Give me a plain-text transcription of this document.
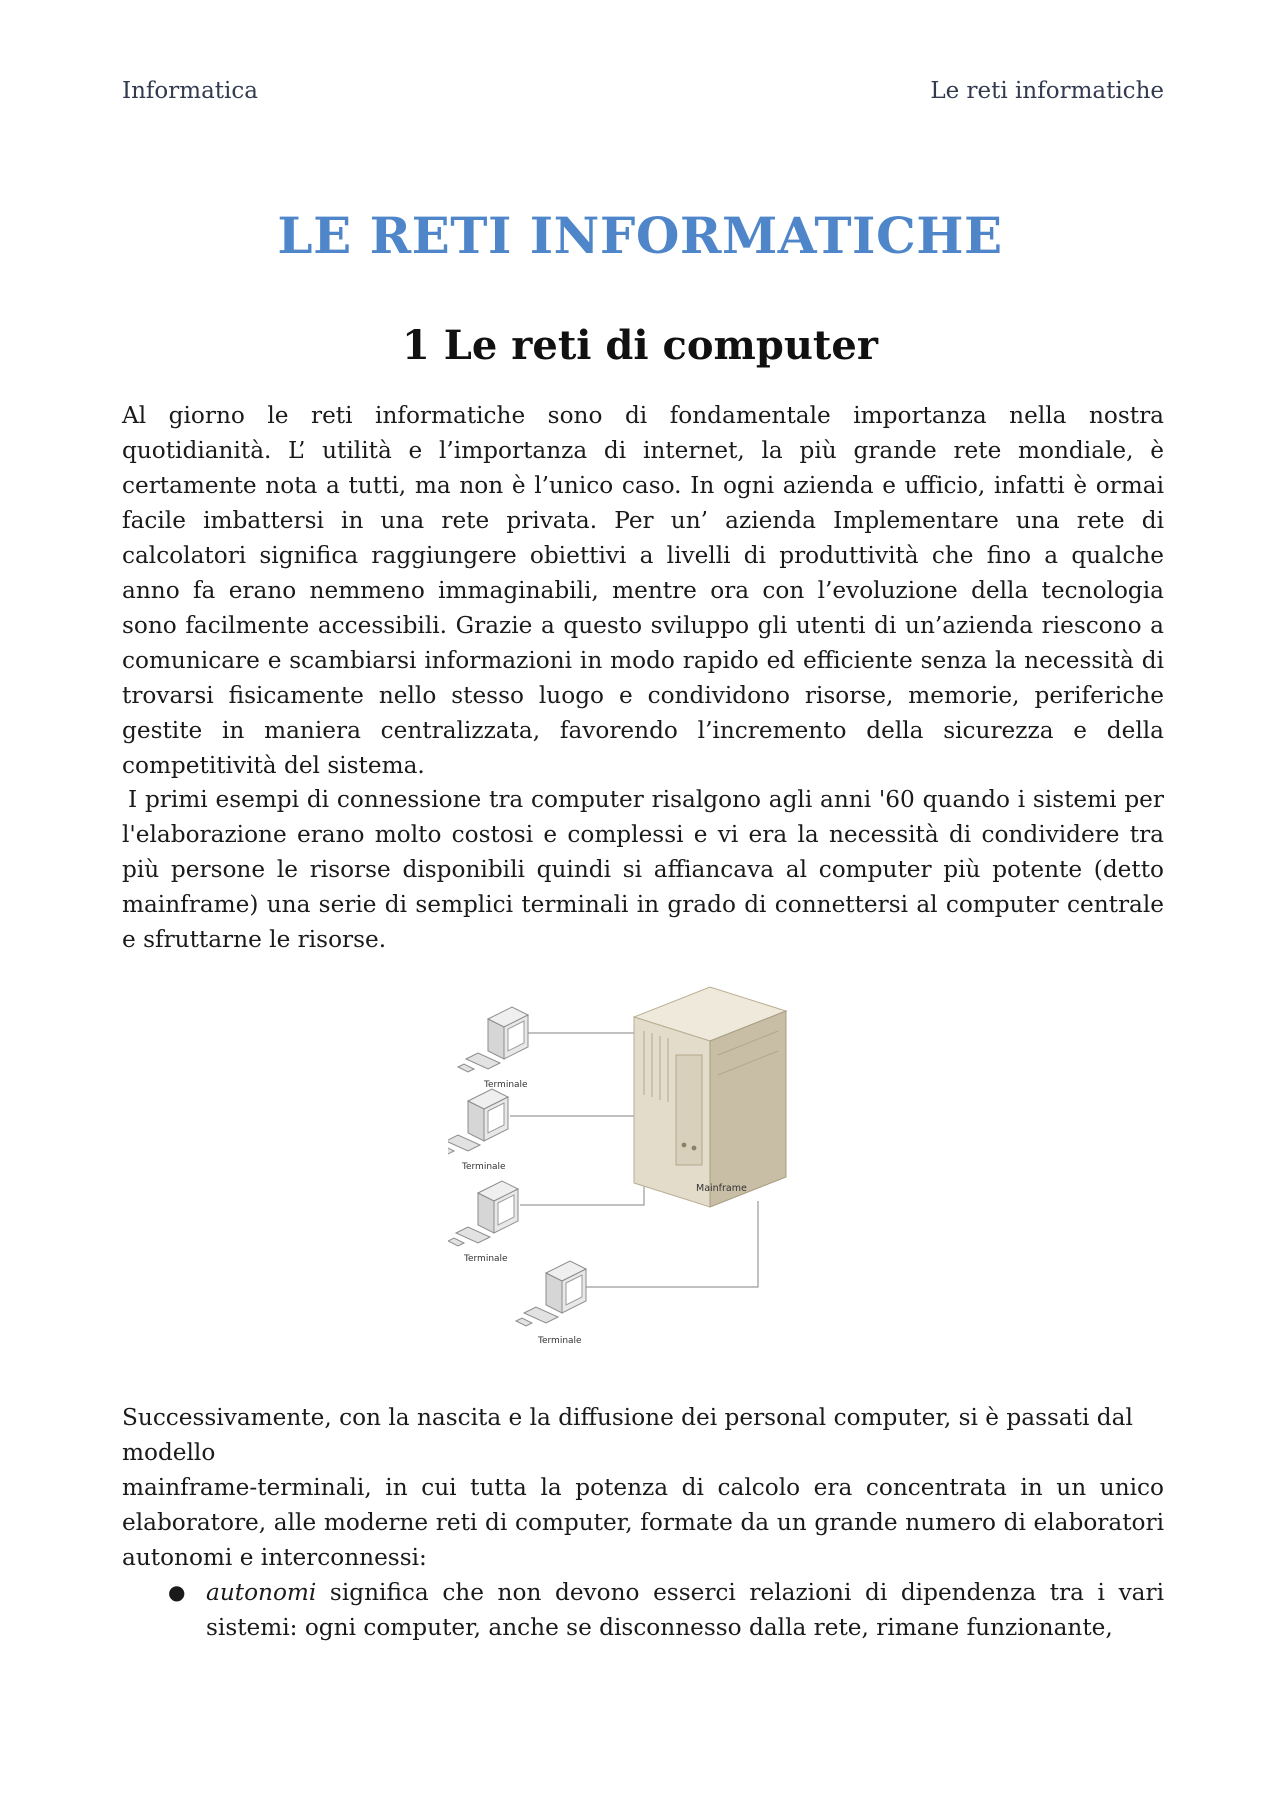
Informatica	Le reti informatiche
LE RETI INFORMATICHE
1 Le reti di computer
Al giorno le reti informatiche sono di fondamentale importanza nella nostra quotidianità. L’ utilità e l’importanza di internet, la più grande rete mondiale, è certamente nota a tutti, ma non è l’unico caso. In ogni azienda e ufficio, infatti è ormai facile imbattersi in una rete privata. Per un’ azienda Implementare una rete di calcolatori significa raggiungere obiettivi a livelli di produttività che fino a qualche anno fa erano nemmeno immaginabili, mentre ora con l’evoluzione della tecnologia sono facilmente accessibili. Grazie a questo sviluppo gli utenti di un’azienda riescono a comunicare e scambiarsi informazioni in modo rapido ed efficiente senza la necessità di trovarsi fisicamente nello stesso luogo e condividono risorse, memorie, periferiche gestite in maniera centralizzata, favorendo l’incremento della sicurezza e della competitività del sistema.
I primi esempi di connessione tra computer risalgono agli anni '60 quando i sistemi per l'elaborazione erano molto costosi e complessi e vi era la necessità di condividere tra più persone le risorse disponibili quindi si affiancava al computer più potente (detto mainframe) una serie di semplici terminali in grado di connettersi al computer centrale e sfruttarne le risorse.
Mainframe
Terminale
Terminale
Terminale
Terminale
Successivamente, con la nascita e la diffusione dei personal computer, si è passati dal modello
mainframe-terminali, in cui tutta la potenza di calcolo era concentrata in un unico elaboratore, alle moderne reti di computer, formate da un grande numero di elaboratori autonomi e interconnessi:
● autonomi significa che non devono esserci relazioni di dipendenza tra i vari sistemi: ogni computer, anche se disconnesso dalla rete, rimane funzionante,
